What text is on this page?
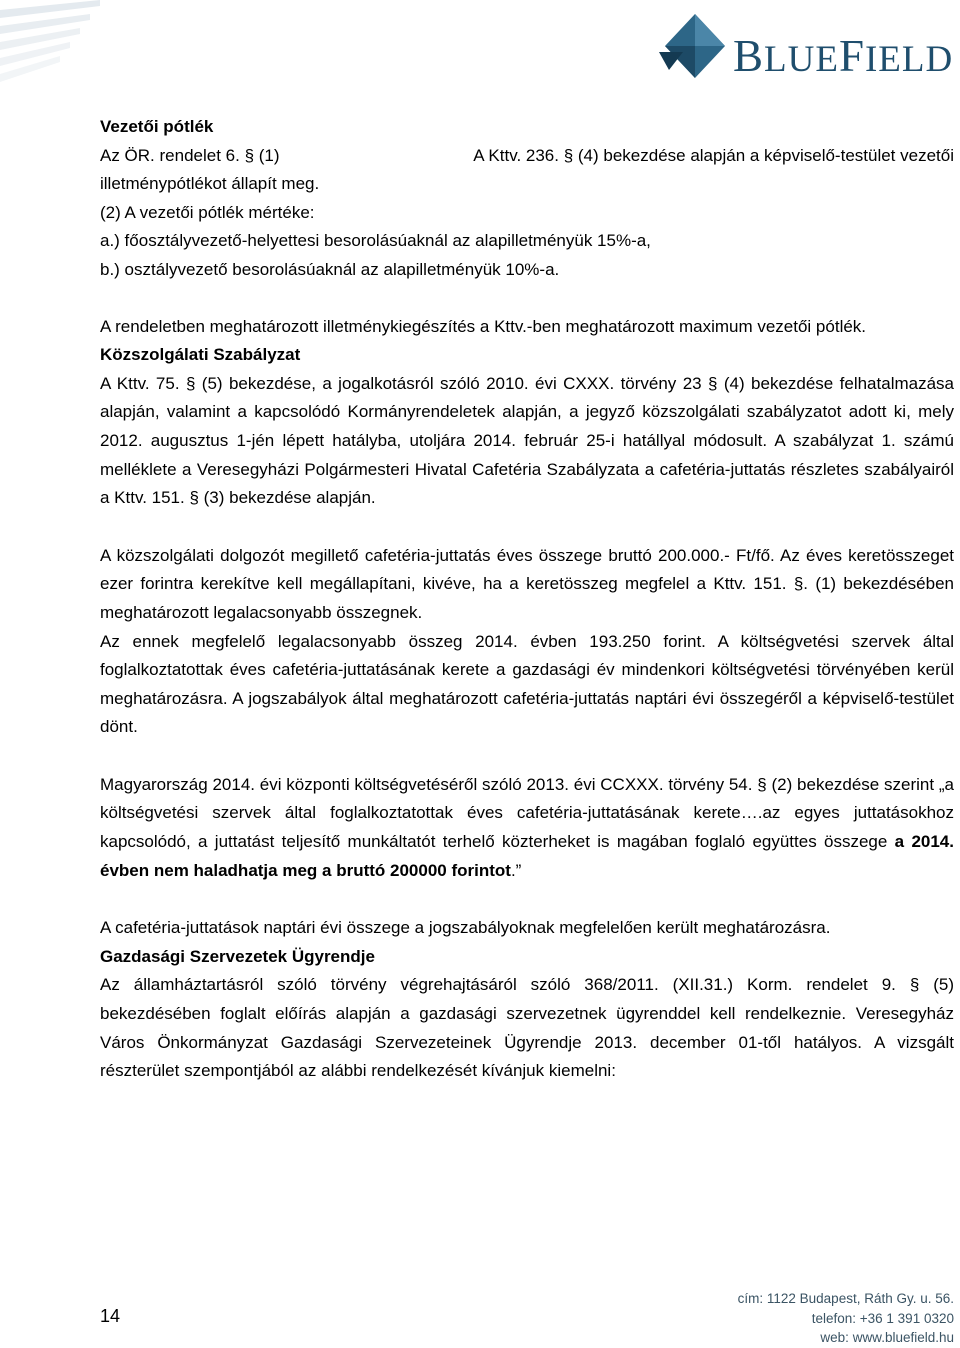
BLUEFIELD

Vezetői pótlék

Az ÖR. rendelet 6. § (1)	A Kttv. 236. § (4) bekezdése alapján a képviselő-testület vezetői

illetménypótlékot állapít meg.

(2) A vezetői pótlék mértéke:

a.) főosztályvezető-helyettesi besorolásúaknál az alapilletményük 15%-a,

b.) osztályvezető besorolásúaknál az alapilletményük 10%-a.

A rendeletben meghatározott illetménykiegészítés a Kttv.-ben meghatározott maximum vezetői pótlék.

Közszolgálati Szabályzat

A Kttv. 75. § (5) bekezdése, a jogalkotásról szóló 2010. évi CXXX. törvény 23 § (4) bekezdése felhatalmazása alapján, valamint a kapcsolódó Kormányrendeletek alapján, a jegyző közszolgálati szabályzatot adott ki, mely 2012. augusztus 1-jén lépett hatályba, utoljára 2014. február 25-i hatállyal módosult. A szabályzat 1. számú melléklete a Veresegyházi Polgármesteri Hivatal Cafetéria Szabályzata a cafetéria-juttatás részletes szabályairól a Kttv. 151. § (3) bekezdése alapján.

A közszolgálati dolgozót megillető cafetéria-juttatás éves összege bruttó 200.000.- Ft/fő. Az éves keretösszeget ezer forintra kerekítve kell megállapítani, kivéve, ha a keretösszeg megfelel a Kttv. 151. §. (1) bekezdésében meghatározott legalacsonyabb összegnek.

Az ennek megfelelő legalacsonyabb összeg 2014. évben 193.250 forint. A költségvetési szervek által foglalkoztatottak éves cafetéria-juttatásának kerete a gazdasági év mindenkori költségvetési törvényében kerül meghatározásra. A jogszabályok által meghatározott cafetéria-juttatás naptári évi összegéről a képviselő-testület dönt.

Magyarország 2014. évi központi költségvetéséről szóló 2013. évi CCXXX. törvény 54. § (2) bekezdése szerint „a költségvetési szervek által foglalkoztatottak éves cafetéria-juttatásának kerete….az egyes juttatásokhoz kapcsolódó, a juttatást teljesítő munkáltatót terhelő közterheket is magában foglaló együttes összege a 2014. évben nem haladhatja meg a bruttó 200000 forintot.”

A cafetéria-juttatások naptári évi összege a jogszabályoknak megfelelően került meghatározásra.

Gazdasági Szervezetek Ügyrendje

Az államháztartásról szóló törvény végrehajtásáról szóló 368/2011. (XII.31.) Korm. rendelet 9. § (5) bekezdésében foglalt előírás alapján a gazdasági szervezetnek ügyrenddel kell rendelkeznie. Veresegyház Város Önkormányzat Gazdasági Szervezeteinek Ügyrendje 2013. december 01-től hatályos. A vizsgált részterület szempontjából az alábbi rendelkezését kívánjuk kiemelni:

14
cím: 1122 Budapest, Ráth Gy. u. 56.
telefon: +36 1 391 0320
web: www.bluefield.hu
